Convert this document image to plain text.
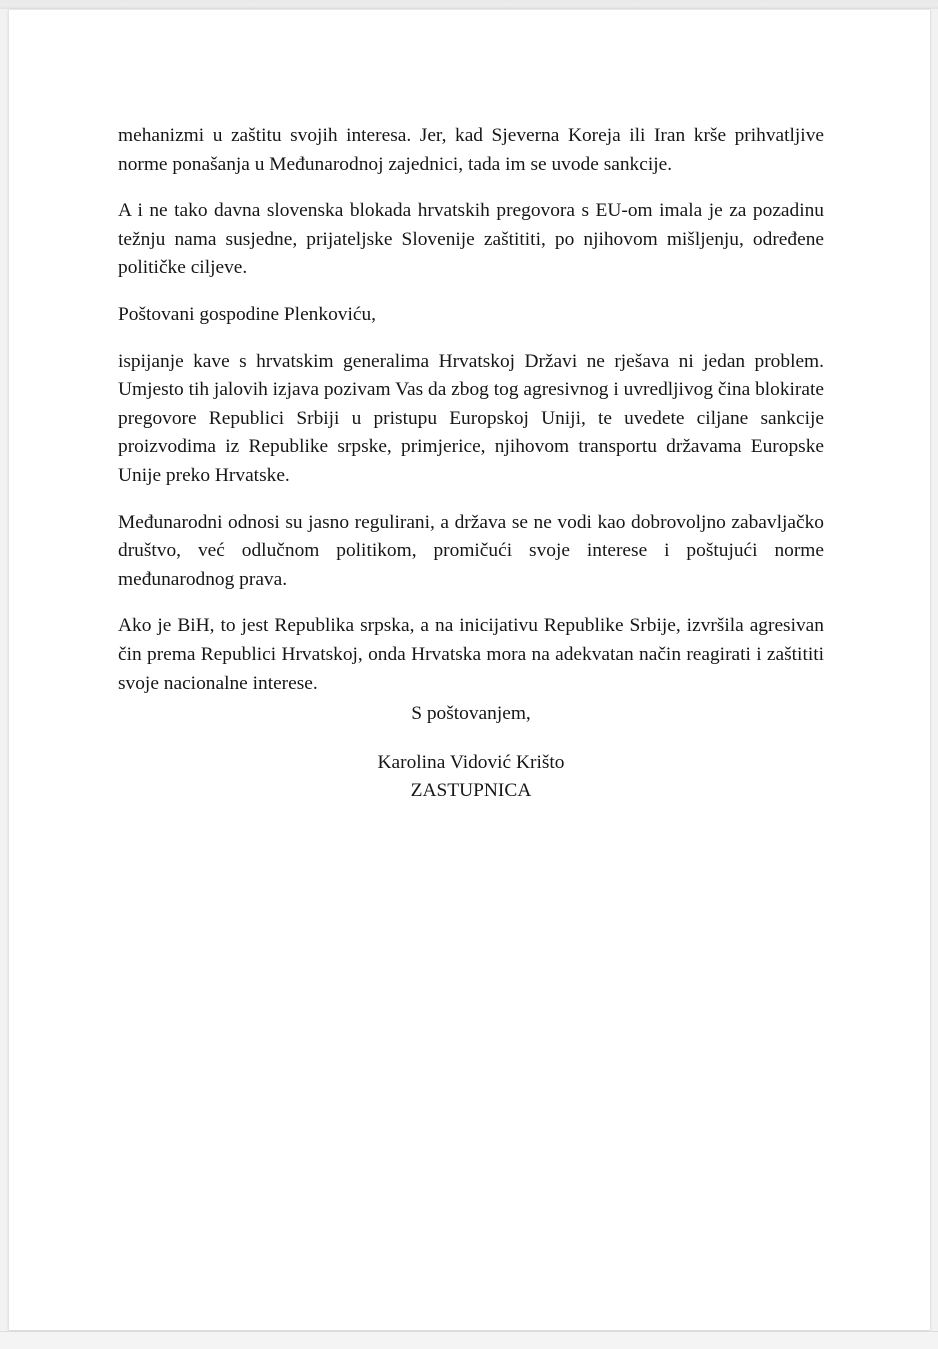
mehanizmi u zaštitu svojih interesa. Jer, kad Sjeverna Koreja ili Iran krše prihvatljive norme ponašanja u Međunarodnoj zajednici, tada im se uvode sankcije.

A i ne tako davna slovenska blokada hrvatskih pregovora s EU-om imala je za pozadinu težnju nama susjedne, prijateljske Slovenije zaštititi, po njihovom mišljenju, određene političke ciljeve.

Poštovani gospodine Plenkoviću,

ispijanje kave s hrvatskim generalima Hrvatskoj Državi ne rješava ni jedan problem. Umjesto tih jalovih izjava pozivam Vas da zbog tog agresivnog i uvredljivog čina blokirate pregovore Republici Srbiji u pristupu Europskoj Uniji, te uvedete ciljane sankcije proizvodima iz Republike srpske, primjerice, njihovom transportu državama Europske Unije preko Hrvatske.

Međunarodni odnosi su jasno regulirani, a država se ne vodi kao dobrovoljno zabavljačko društvo, već odlučnom politikom, promičući svoje interese i poštujući norme međunarodnog prava.

Ako je BiH, to jest Republika srpska, a na inicijativu Republike Srbije, izvršila agresivan čin prema Republici Hrvatskoj, onda Hrvatska mora na adekvatan način reagirati i zaštititi svoje nacionalne interese.

S poštovanjem,

Karolina Vidović Krišto

ZASTUPNICA
